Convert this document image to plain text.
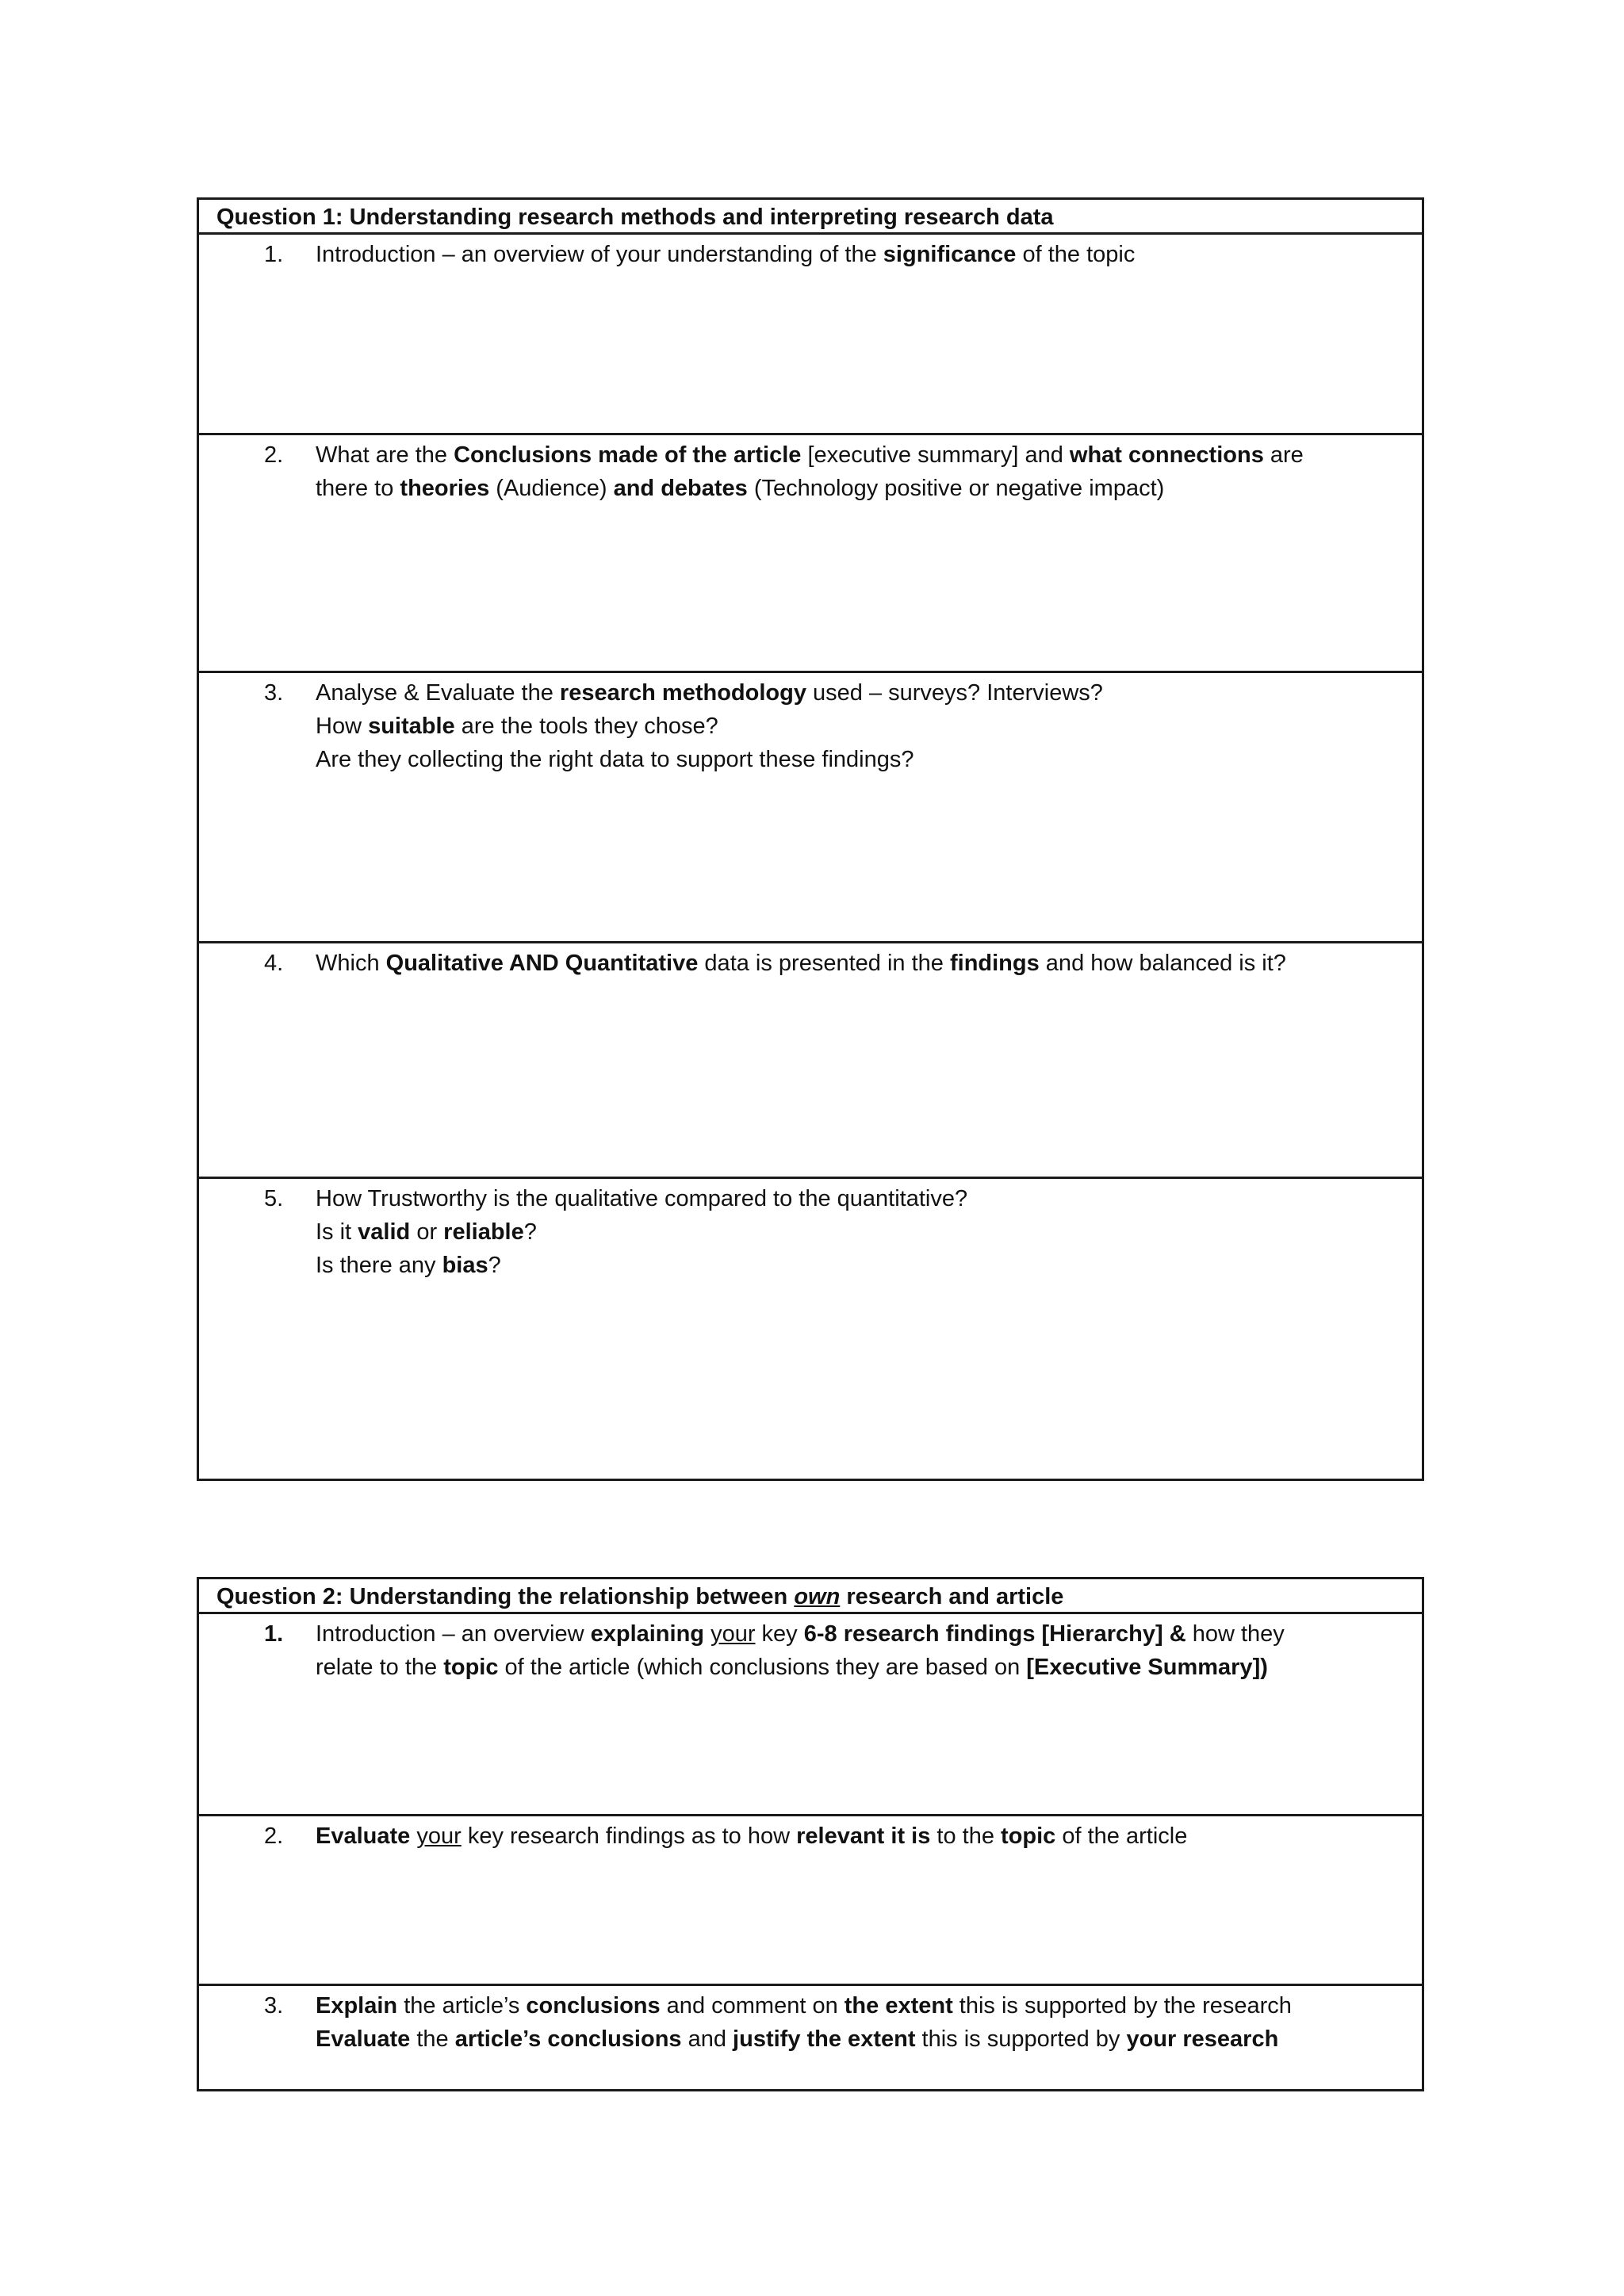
Question 1: Understanding research methods and interpreting research data
1. Introduction – an overview of your understanding of the significance of the topic
2. What are the Conclusions made of the article [executive summary] and what connections are
there to theories (Audience) and debates (Technology positive or negative impact)
3. Analyse & Evaluate the research methodology used – surveys? Interviews?
How suitable are the tools they chose?
Are they collecting the right data to support these findings?
4. Which Qualitative AND Quantitative data is presented in the findings and how balanced is it?
5. How Trustworthy is the qualitative compared to the quantitative?
Is it valid or reliable?
Is there any bias?
Question 2: Understanding the relationship between own research and article
1. Introduction – an overview explaining your key 6-8 research findings [Hierarchy] & how they
relate to the topic of the article (which conclusions they are based on [Executive Summary])
2. Evaluate your key research findings as to how relevant it is to the topic of the article
3. Explain the article’s conclusions and comment on the extent this is supported by the research
Evaluate the article’s conclusions and justify the extent this is supported by your research
